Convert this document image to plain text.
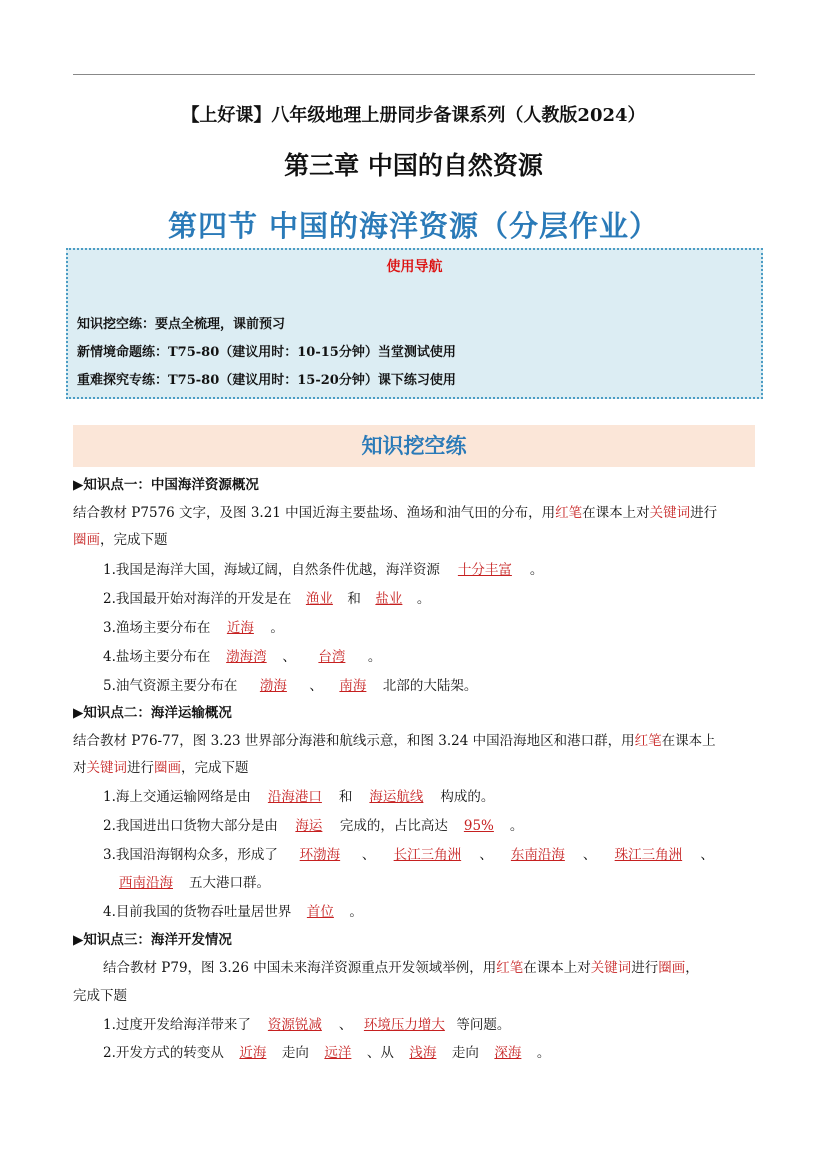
【上好课】八年级地理上册同步备课系列（人教版2024）
第三章 中国的自然资源
第四节 中国的海洋资源（分层作业）
使用导航
知识挖空练：要点全梳理，课前预习
新情境命题练：T75-80（建议用时：10-15分钟）当堂测试使用
重难探究专练：T75-80（建议用时：15-20分钟）课下练习使用
知识挖空练
▶知识点一：中国海洋资源概况
结合教材 P7576 文字，及图 3.21 中国近海主要盐场、渔场和油气田的分布，用红笔在课本上对关键词进行
圈画，完成下题
1.我国是海洋大国，海域辽阔，自然条件优越，海洋资源 十分丰富 。
2.我国最开始对海洋的开发是在 渔业 和 盐业 。
3.渔场主要分布在 近海 。
4.盐场主要分布在 渤海湾 、 台湾 。
5.油气资源主要分布在 渤海 、 南海 北部的大陆架。
▶知识点二：海洋运输概况
结合教材 P76-77，图 3.23 世界部分海港和航线示意，和图 3.24 中国沿海地区和港口群，用红笔在课本上
对关键词进行圈画，完成下题
1.海上交通运输网络是由 沿海港口 和 海运航线 构成的。
2.我国进出口货物大部分是由 海运 完成的，占比高达 95% 。
3.我国沿海钢构众多，形成了 环渤海 、 长江三角洲 、 东南沿海 、 珠江三角洲 、
西南沿海 五大港口群。
4.目前我国的货物吞吐量居世界 首位 。
▶知识点三：海洋开发情况
结合教材 P79，图 3.26 中国未来海洋资源重点开发领域举例，用红笔在课本上对关键词进行圈画，
完成下题
1.过度开发给海洋带来了 资源锐减 、 环境压力增大 等问题。
2.开发方式的转变从 近海 走向 远洋 、从 浅海 走向 深海 。
